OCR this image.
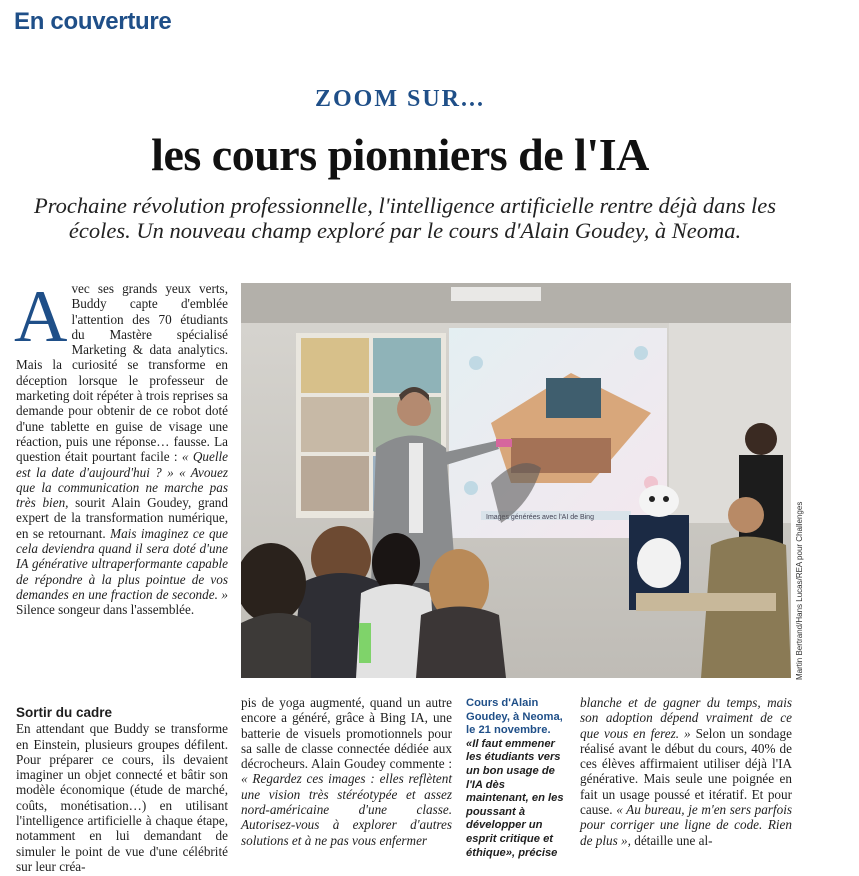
En couverture
ZOOM SUR...
les cours pionniers de l'IA
Prochaine révolution professionnelle, l'intelligence artificielle rentre déjà dans les écoles. Un nouveau champ exploré par le cours d'Alain Goudey, à Neoma.

Avec ses grands yeux verts, Buddy capte d'emblée l'attention des 70 étudiants du Mastère spécialisé Marketing & data analytics. Mais la curiosité se transforme en déception lorsque le professeur de marketing doit répéter à trois reprises sa demande pour obtenir de ce robot doté d'une tablette en guise de visage une réaction, puis une réponse… fausse. La question était pourtant facile : « Quelle est la date d'aujourd'hui ? » « Avouez que la communication ne marche pas très bien, sourit Alain Goudey, grand expert de la transformation numérique, en se retournant. Mais imaginez ce que cela deviendra quand il sera doté d'une IA générative ultraperformante capable de répondre à la plus pointue de vos demandes en une fraction de seconde. » Silence songeur dans l'assemblée.

Images générées avec l'AI de Bing	Martin Bertrand/Hans Lucas/REA pour Challenges
Sortir du cadre

En attendant que Buddy se transforme en Einstein, plusieurs groupes défilent. Pour préparer ce cours, ils devaient imaginer un objet connecté et bâtir son modèle économique (étude de marché, coûts, monétisation…) en utilisant l'intelligence artificielle à chaque étape, notamment en lui demandant de simuler le point de vue d'une célébrité sur leur créa-

pis de yoga augmenté, quand un autre encore a généré, grâce à Bing IA, une batterie de visuels promotionnels pour sa salle de classe connectée dédiée aux décrocheurs. Alain Goudey commente : « Regardez ces images : elles reflètent une vision très stéréotypée et assez nord-américaine d'une classe. Autorisez-vous à explorer d'autres solutions et à ne pas vous enfermer

Cours d'Alain Goudey, à Neoma, le 21 novembre.
«Il faut emmener les étudiants vers un bon usage de l'IA dès maintenant, en les poussant à développer un esprit critique et éthique», précise

blanche et de gagner du temps, mais son adoption dépend vraiment de ce que vous en ferez. » Selon un sondage réalisé avant le début du cours, 40% de ces élèves affirmaient utiliser déjà l'IA générative. Mais seule une poignée en fait un usage poussé et itératif. Et pour cause. « Au bureau, je m'en sers parfois pour corriger une ligne de code. Rien de plus », détaille une al-
